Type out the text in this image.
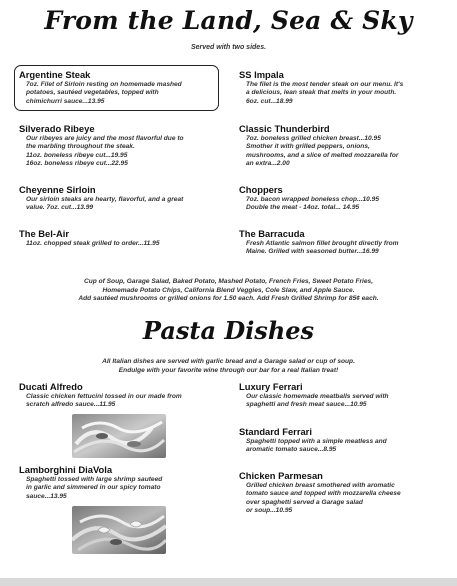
From the Land, Sea & Sky
Served with two sides.
Argentine Steak
7oz. Filet of Sirloin resting on homemade mashed
potatoes, sautéed vegetables, topped with
chimichurri sauce...13.95
SS Impala
The filet is the most tender steak on our menu. It's
a delicious, lean steak that melts in your mouth.
6oz. cut...18.99
Silverado Ribeye
Our ribeyes are juicy and the most flavorful due to
the marbling throughout the steak.
11oz. boneless ribeye cut...19.95
16oz. boneless ribeye cut...22.95
Classic Thunderbird
7oz. boneless grilled chicken breast...10.95
Smother it with grilled peppers, onions,
mushrooms, and a slice of melted mozzarella for
an extra...2.00
Cheyenne Sirloin
Our sirloin steaks are hearty, flavorful, and a great
value. 7oz. cut...13.99
Choppers
7oz. bacon wrapped boneless chop...10.95
Double the meat - 14oz. total... 14.95
The Bel-Air
11oz. chopped steak grilled to order...11.95
The Barracuda
Fresh Atlantic salmon fillet brought directly from
Maine. Grilled with seasoned butter...16.99
Cup of Soup, Garage Salad, Baked Potato, Mashed Potato, French Fries, Sweet Potato Fries,
Homemade Potato Chips, California Blend Veggies, Cole Slaw, and Apple Sauce.
Add sautéed mushrooms or grilled onions for 1.50 each. Add Fresh Grilled Shrimp for 85¢ each.
Pasta Dishes
All Italian dishes are served with garlic bread and a Garage salad or cup of soup.
Endulge with your favorite wine through our bar for a real Italian treat!
Ducati Alfredo
Classic chicken fettucini tossed in our made from
scratch alfredo sauce...11.95
Luxury Ferrari
Our classic homemade meatballs served with
spaghetti and fresh meat sauce...10.95
Standard Ferrari
Spaghetti topped with a simple meatless and
aromatic tomato sauce...8.95
Lamborghini DiaVola
Spaghetti tossed with large shrimp sauteed
in garlic and simmered in our spicy tomato
sauce...13.95
Chicken Parmesan
Grilled chicken breast smothered with aromatic
tomato sauce and topped with mozzarella cheese
over spaghetti served a Garage salad
or soup...10.95
